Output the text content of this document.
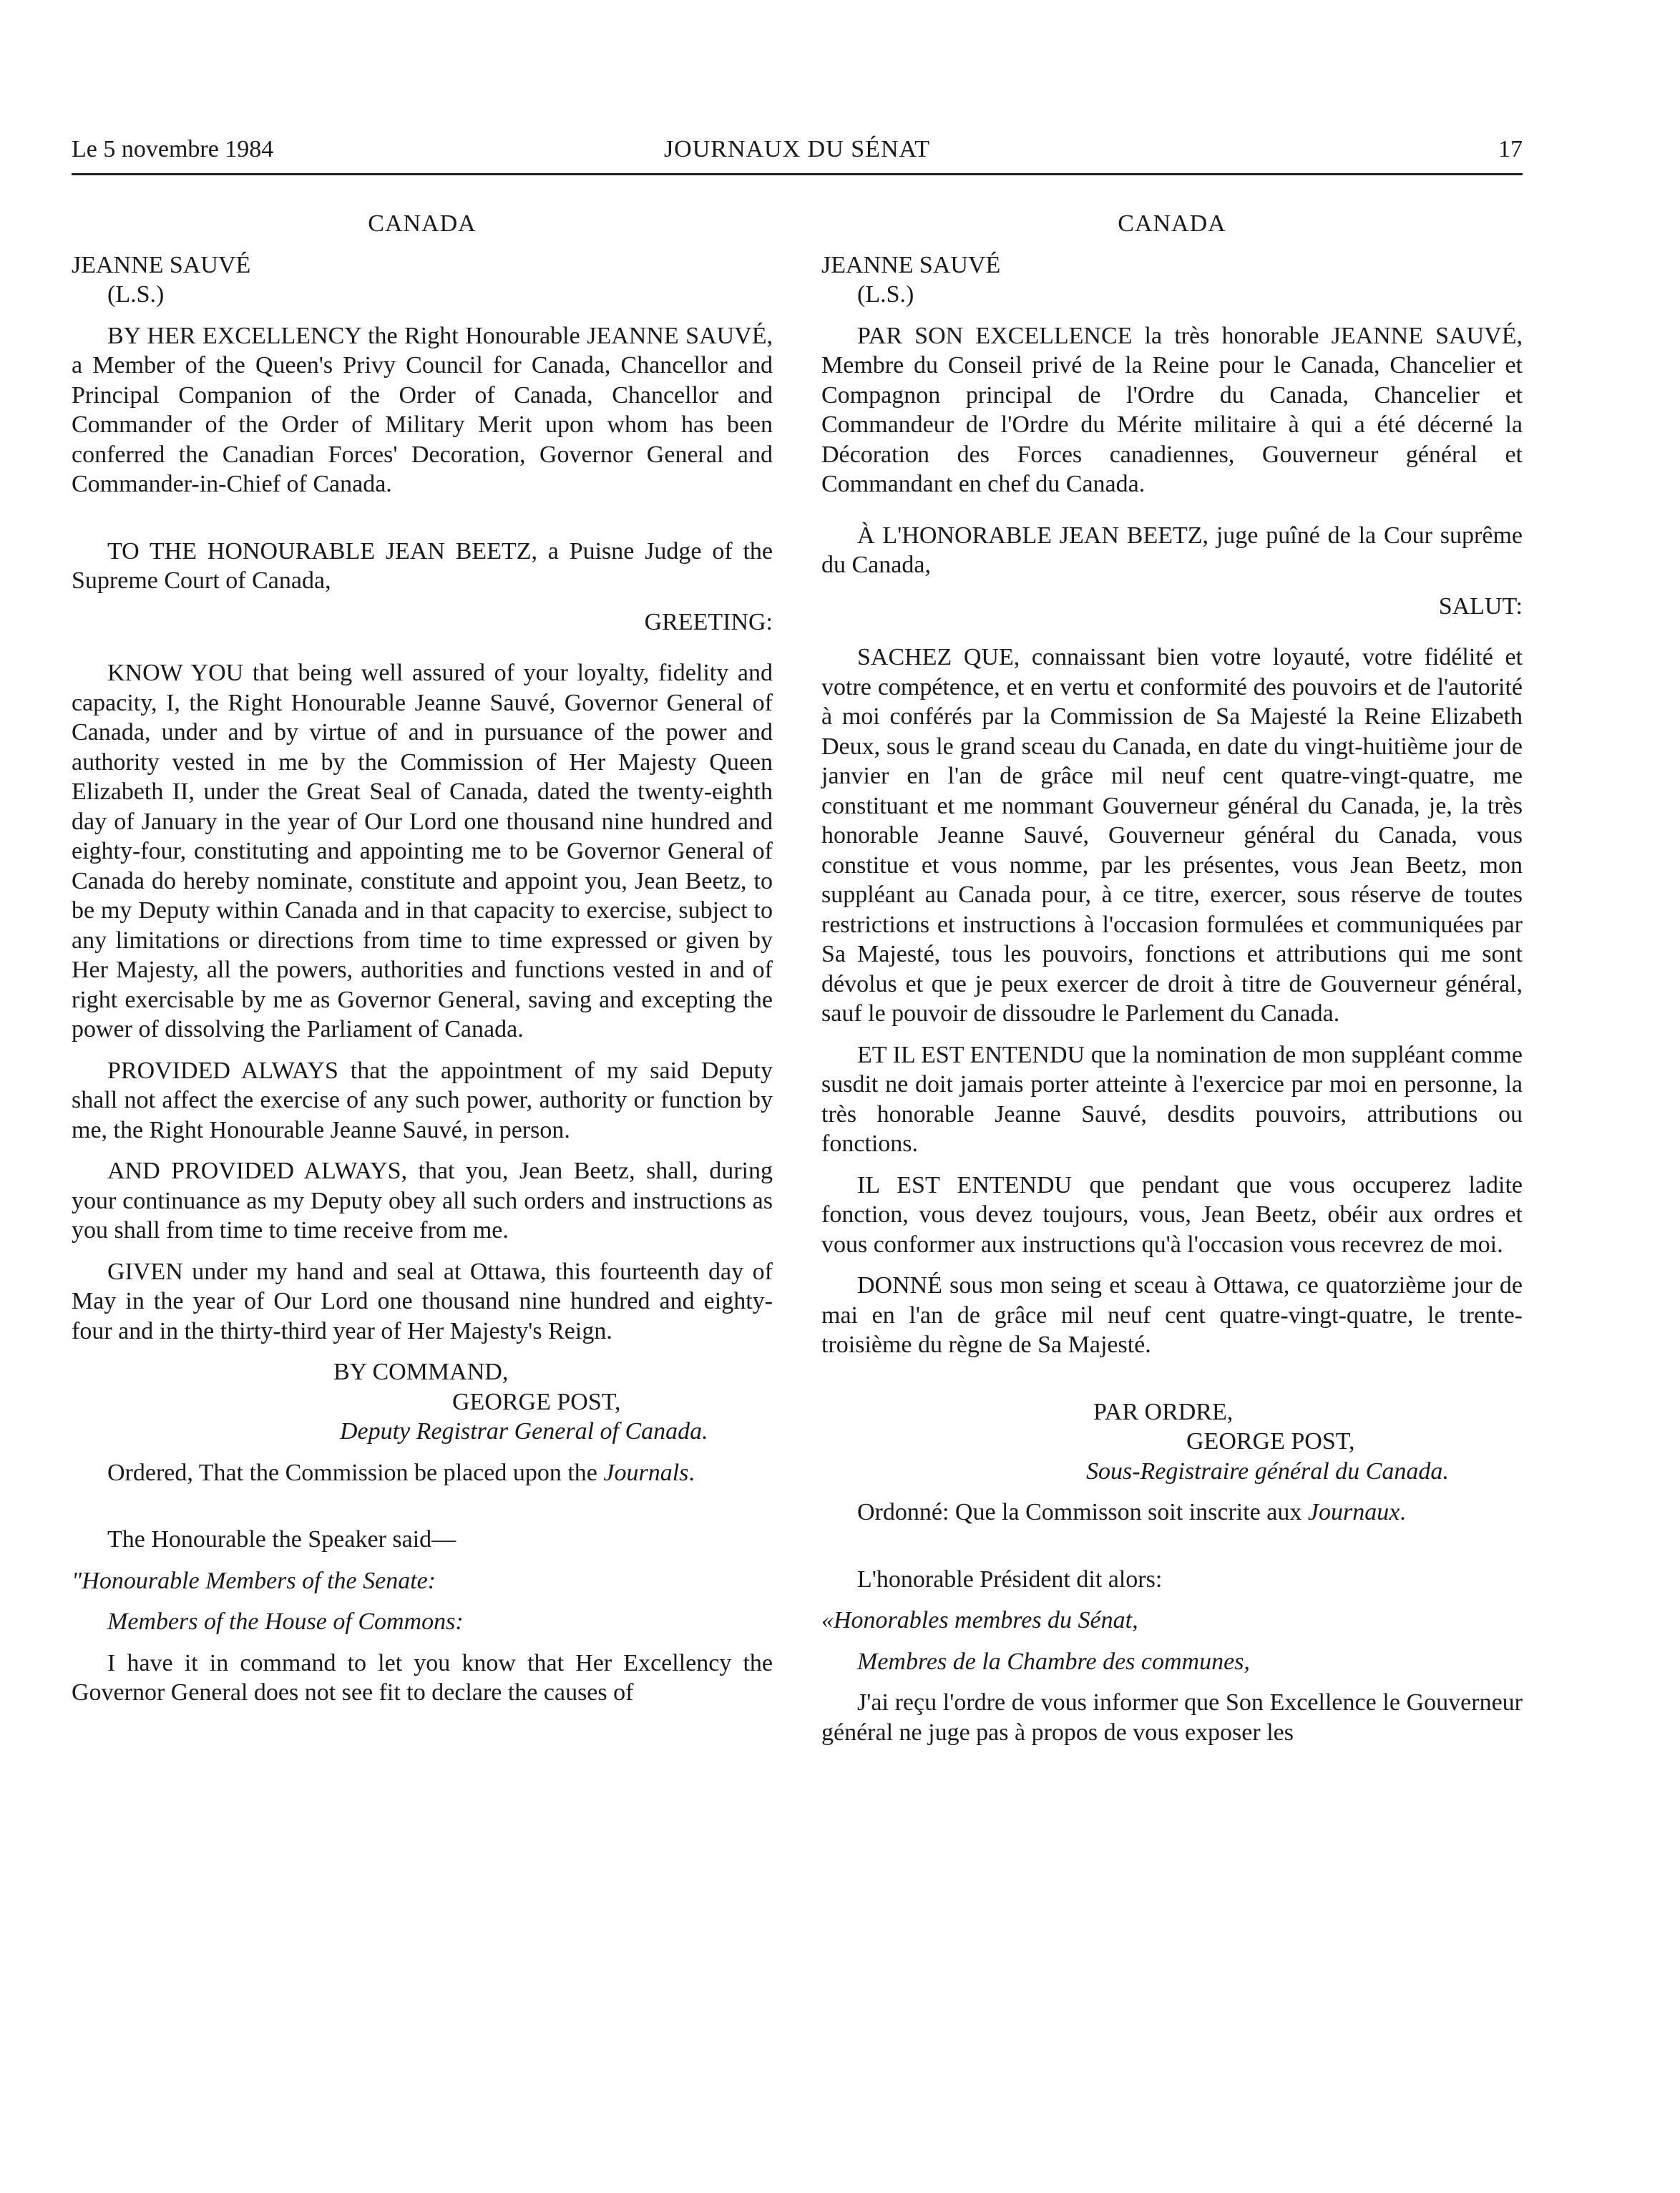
Le 5 novembre 1984	JOURNAUX DU SÉNAT	17
CANADA
JEANNE SAUVÉ
(L.S.)

BY HER EXCELLENCY the Right Honourable JEANNE SAUVÉ, a Member of the Queen's Privy Council for Canada, Chancellor and Principal Companion of the Order of Canada, Chancellor and Commander of the Order of Military Merit upon whom has been conferred the Canadian Forces' Decoration, Governor General and Commander-in-Chief of Canada.

TO THE HONOURABLE JEAN BEETZ, a Puisne Judge of the Supreme Court of Canada,

GREETING:

KNOW YOU that being well assured of your loyalty, fidelity and capacity, I, the Right Honourable Jeanne Sauvé, Governor General of Canada, under and by virtue of and in pursuance of the power and authority vested in me by the Commission of Her Majesty Queen Elizabeth II, under the Great Seal of Canada, dated the twenty-eighth day of January in the year of Our Lord one thousand nine hundred and eighty-four, constituting and appointing me to be Governor General of Canada do hereby nominate, constitute and appoint you, Jean Beetz, to be my Deputy within Canada and in that capacity to exercise, subject to any limitations or directions from time to time expressed or given by Her Majesty, all the powers, authorities and functions vested in and of right exercisable by me as Governor General, saving and excepting the power of dissolving the Parliament of Canada.

PROVIDED ALWAYS that the appointment of my said Deputy shall not affect the exercise of any such power, authority or function by me, the Right Honourable Jeanne Sauvé, in person.

AND PROVIDED ALWAYS, that you, Jean Beetz, shall, during your continuance as my Deputy obey all such orders and instructions as you shall from time to time receive from me.

GIVEN under my hand and seal at Ottawa, this fourteenth day of May in the year of Our Lord one thousand nine hundred and eighty-four and in the thirty-third year of Her Majesty's Reign.

BY COMMAND,
GEORGE POST,
Deputy Registrar General of Canada.

Ordered, That the Commission be placed upon the Journals.

The Honourable the Speaker said—
"Honourable Members of the Senate:
Members of the House of Commons:

I have it in command to let you know that Her Excellency the Governor General does not see fit to declare the causes of

CANADA
JEANNE SAUVÉ
(L.S.)

PAR SON EXCELLENCE la très honorable JEANNE SAUVÉ, Membre du Conseil privé de la Reine pour le Canada, Chancelier et Compagnon principal de l'Ordre du Canada, Chancelier et Commandeur de l'Ordre du Mérite militaire à qui a été décerné la Décoration des Forces canadiennes, Gouverneur général et Commandant en chef du Canada.

À L'HONORABLE JEAN BEETZ, juge puîné de la Cour suprême du Canada,

SALUT:

SACHEZ QUE, connaissant bien votre loyauté, votre fidélité et votre compétence, et en vertu et conformité des pouvoirs et de l'autorité à moi conférés par la Commission de Sa Majesté la Reine Elizabeth Deux, sous le grand sceau du Canada, en date du vingt-huitième jour de janvier en l'an de grâce mil neuf cent quatre-vingt-quatre, me constituant et me nommant Gouverneur général du Canada, je, la très honorable Jeanne Sauvé, Gouverneur général du Canada, vous constitue et vous nomme, par les présentes, vous Jean Beetz, mon suppléant au Canada pour, à ce titre, exercer, sous réserve de toutes restrictions et instructions à l'occasion formulées et communiquées par Sa Majesté, tous les pouvoirs, fonctions et attributions qui me sont dévolus et que je peux exercer de droit à titre de Gouverneur général, sauf le pouvoir de dissoudre le Parlement du Canada.

ET IL EST ENTENDU que la nomination de mon suppléant comme susdit ne doit jamais porter atteinte à l'exercice par moi en personne, la très honorable Jeanne Sauvé, desdits pouvoirs, attributions ou fonctions.

IL EST ENTENDU que pendant que vous occuperez ladite fonction, vous devez toujours, vous, Jean Beetz, obéir aux ordres et vous conformer aux instructions qu'à l'occasion vous recevrez de moi.

DONNÉ sous mon seing et sceau à Ottawa, ce quatorzième jour de mai en l'an de grâce mil neuf cent quatre-vingt-quatre, le trente-troisième du règne de Sa Majesté.

PAR ORDRE,
GEORGE POST,
Sous-Registraire général du Canada.

Ordonné: Que la Commisson soit inscrite aux Journaux.

L'honorable Président dit alors:
«Honorables membres du Sénat,
Membres de la Chambre des communes,

J'ai reçu l'ordre de vous informer que Son Excellence le Gouverneur général ne juge pas à propos de vous exposer les
